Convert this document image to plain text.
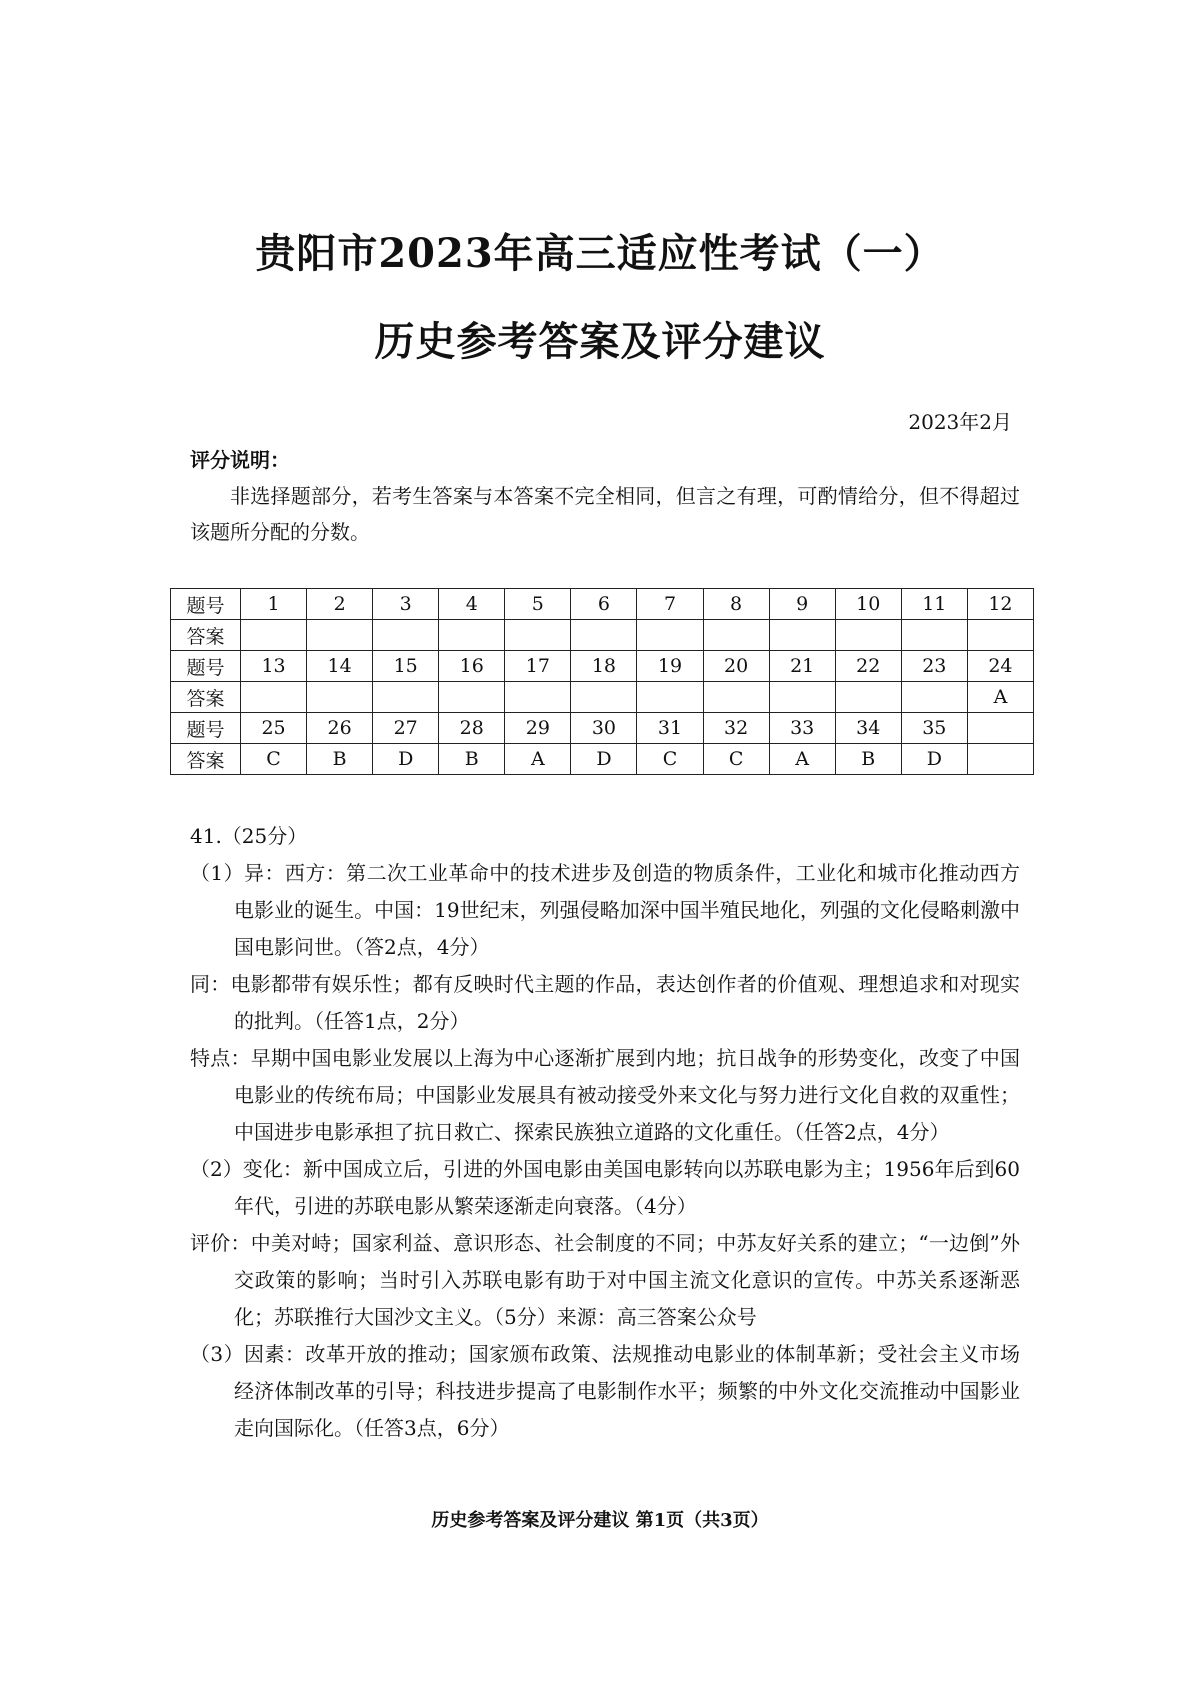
贵阳市2023年高三适应性考试（一）
历史参考答案及评分建议
2023年2月
评分说明：
非选择题部分，若考生答案与本答案不完全相同，但言之有理，可酌情给分，但不得超过该题所分配的分数。
题号	1	2	3	4	5	6	7	8	9	10	11	12
答案												
题号	13	14	15	16	17	18	19	20	21	22	23	24
答案												A
题号	25	26	27	28	29	30	31	32	33	34	35	
答案	C	B	D	B	A	D	C	C	A	B	D	

41.（25分）

（1）异：西方：第二次工业革命中的技术进步及创造的物质条件，工业化和城市化推动西方电影业的诞生。中国：19世纪末，列强侵略加深中国半殖民地化，列强的文化侵略刺激中国电影问世。（答2点，4分）

同：电影都带有娱乐性；都有反映时代主题的作品，表达创作者的价值观、理想追求和对现实的批判。（任答1点，2分）

特点：早期中国电影业发展以上海为中心逐渐扩展到内地；抗日战争的形势变化，改变了中国电影业的传统布局；中国影业发展具有被动接受外来文化与努力进行文化自救的双重性；中国进步电影承担了抗日救亡、探索民族独立道路的文化重任。（任答2点，4分）

（2）变化：新中国成立后，引进的外国电影由美国电影转向以苏联电影为主；1956年后到60年代，引进的苏联电影从繁荣逐渐走向衰落。（4分）

评价：中美对峙；国家利益、意识形态、社会制度的不同；中苏友好关系的建立；“一边倒”外交政策的影响；当时引入苏联电影有助于对中国主流文化意识的宣传。中苏关系逐渐恶化；苏联推行大国沙文主义。（5分）来源：高三答案公众号

（3）因素：改革开放的推动；国家颁布政策、法规推动电影业的体制革新；受社会主义市场经济体制改革的引导；科技进步提高了电影制作水平；频繁的中外文化交流推动中国影业走向国际化。（任答3点，6分）

历史参考答案及评分建议 第1页（共3页）
